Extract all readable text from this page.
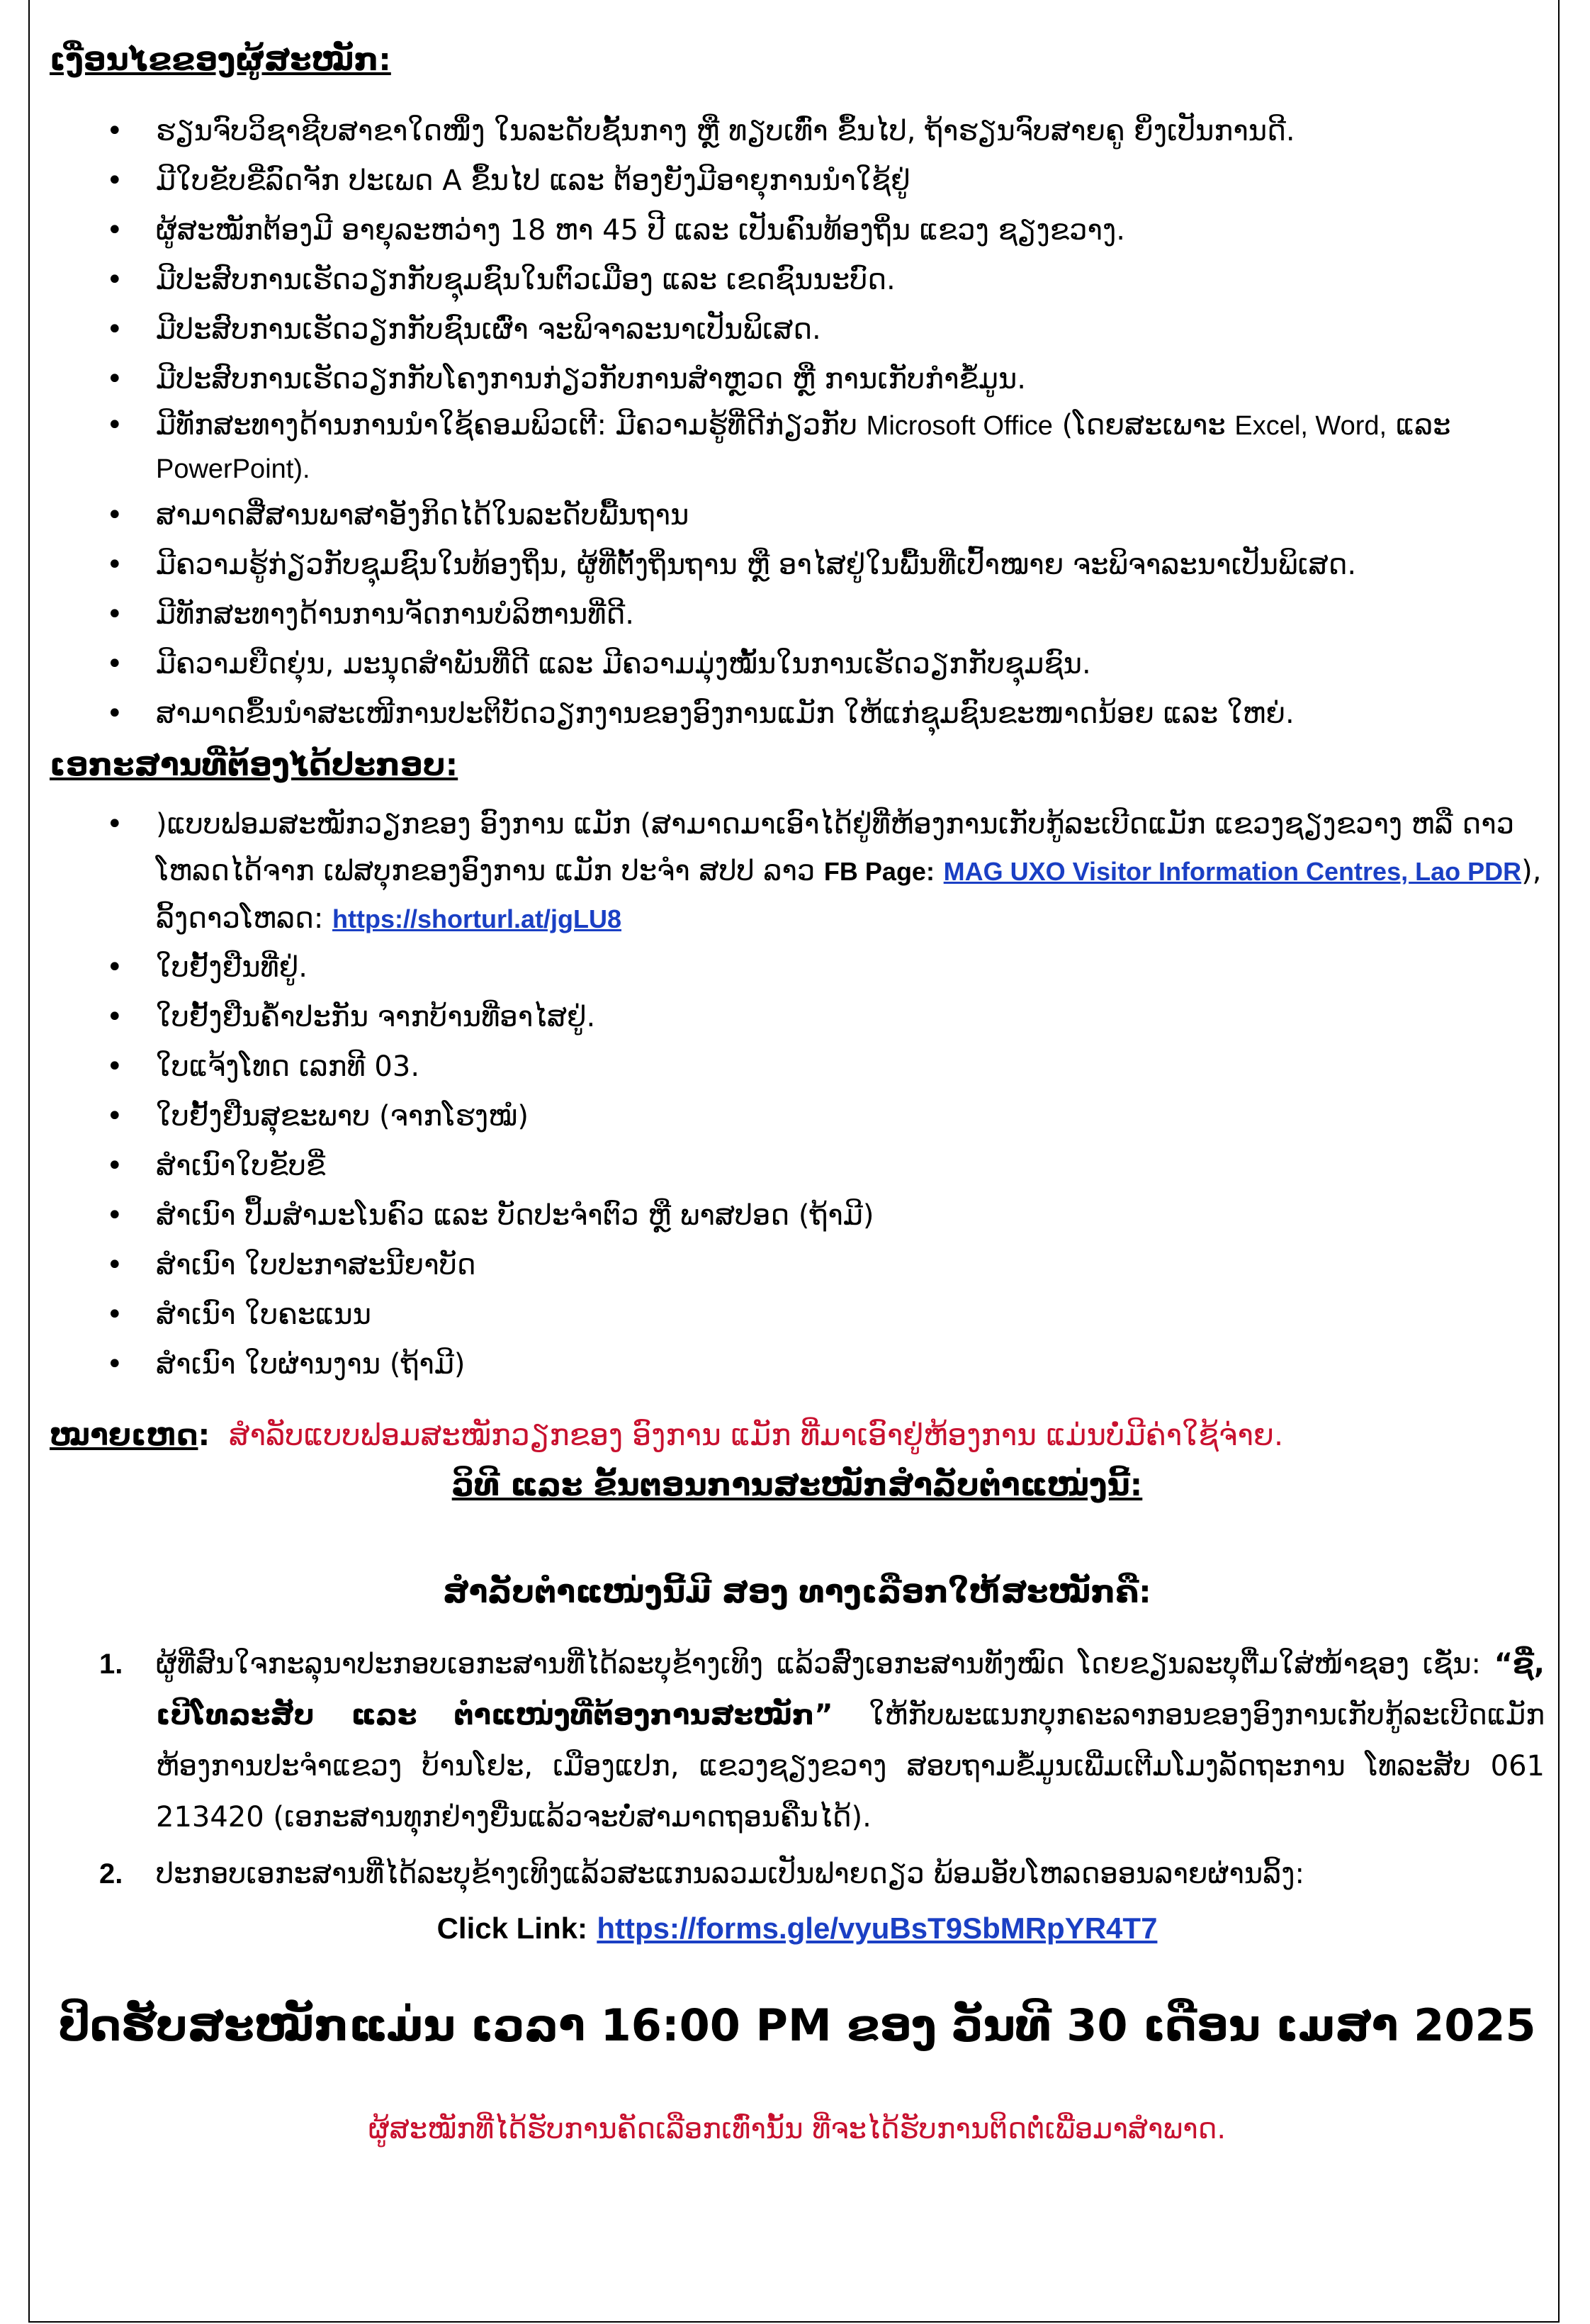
ເງື່ອນໄຂຂອງຜູ້ສະໝັກ:
• ຮຽນຈົບວິຊາຊີບສາຂາໃດໜຶ່ງ ໃນລະດັບຊັ້ນກາງ ຫຼື ທຽບເທົ່າ ຂຶ້ນໄປ, ຖ້າຮຽນຈົບສາຍຄູ ຍິ່ງເປັນການດີ.
• ມີໃບຂັບຂີ່ລົດຈັກ ປະເພດ A ຂຶ້ນໄປ ແລະ ຕ້ອງຍັງມີອາຍຸການນຳໃຊ້ຢູ່
• ຜູ້ສະໝັກຕ້ອງມີ ອາຍຸລະຫວ່າງ 18 ຫາ 45 ປີ ແລະ ເປັນຄົນທ້ອງຖິ່ນ ແຂວງ ຊຽງຂວາງ.
• ມີປະສົບການເຮັດວຽກກັບຊຸມຊົນໃນຕົວເມືອງ ແລະ ເຂດຊົນນະບົດ.
• ມີປະສົບການເຮັດວຽກກັບຊົນເຜົ່າ ຈະພິຈາລະນາເປັນພິເສດ.
• ມີປະສົບການເຮັດວຽກກັບໂຄງການກ່ຽວກັບການສຳຫຼວດ ຫຼື ການເກັບກຳຂໍ້ມູນ.
• ມີທັກສະທາງດ້ານການນຳໃຊ້ຄອມພິວເຕີ: ມີຄວາມຮູ້ທີ່ດີກ່ຽວກັບ Microsoft Office (ໂດຍສະເພາະ Excel, Word, ແລະ PowerPoint).
• ສາມາດສື່ສານພາສາອັງກິດໄດ້ໃນລະດັບພື້ນຖານ
• ມີຄວາມຮູ້ກ່ຽວກັບຊຸມຊົນໃນທ້ອງຖິ່ນ, ຜູ້ທີ່ຕັ້ງຖິ່ນຖານ ຫຼື ອາໄສຢູ່ໃນພື້ນທີ່ເປົ້າໝາຍ ຈະພິຈາລະນາເປັນພິເສດ.
• ມີທັກສະທາງດ້ານການຈັດການບໍລິຫານທີ່ດີ.
• ມີຄວາມຍືດຍຸ່ນ, ມະນຸດສຳພັນທີ່ດີ ແລະ ມີຄວາມມຸ່ງໝັ້ນໃນການເຮັດວຽກກັບຊຸມຊົນ.
• ສາມາດຂຶ້ນນຳສະເໜີການປະຕິບັດວຽກງານຂອງອົງການແມັກ ໃຫ້ແກ່ຊຸມຊົນຂະໜາດນ້ອຍ ແລະ ໃຫຍ່.
ເອກະສານທີ່ຕ້ອງໄດ້ປະກອບ:
• )ແບບຟອມສະໝັກວຽກຂອງ ອົງການ ແມັກ (ສາມາດມາເອົາໄດ້ຢູ່ທີ່ຫ້ອງການເກັບກູ້ລະເບີດແມັກ ແຂວງຊຽງຂວາງ ຫລື ດາວໂຫລດໄດ້ຈາກ ເຟສບຸກຂອງອົງການ ແມັກ ປະຈຳ ສປປ ລາວ FB Page: MAG UXO Visitor Information Centres, Lao PDR), ລິ້ງດາວໂຫລດ: https://shorturl.at/jgLU8
• ໃບຢັ້ງຢືນທີ່ຢູ່.
• ໃບຢັ້ງຢືນຄ້ຳປະກັນ ຈາກບ້ານທີ່ອາໄສຢູ່.
• ໃບແຈ້ງໂທດ ເລກທີ 03.
• ໃບຢັ້ງຢືນສຸຂະພາບ (ຈາກໂຮງໝໍ)
• ສຳເນົາໃບຂັບຂີ່
• ສຳເນົາ ປຶ້ມສຳມະໂນຄົວ ແລະ ບັດປະຈຳຕົວ ຫຼື ພາສປອດ (ຖ້າມີ)
• ສຳເນົາ ໃບປະກາສະນີຍາບັດ
• ສຳເນົາ ໃບຄະແນນ
• ສຳເນົາ ໃບຜ່ານງານ (ຖ້າມີ)
ໝາຍເຫດ: ສຳລັບແບບຟອມສະໝັກວຽກຂອງ ອົງການ ແມັກ ທີ່ມາເອົາຢູ່ຫ້ອງການ ແມ່ນບໍ່ມີຄ່າໃຊ້ຈ່າຍ.
ວິທີ ແລະ ຂັ້ນຕອນການສະໝັກສຳລັບຕຳແໜ່ງນີ້:
ສຳລັບຕຳແໜ່ງນີ້ມີ ສອງ ທາງເລືອກໃຫ້ສະໝັກຄື:
1. ຜູ້ທີ່ສົນໃຈກະລຸນາປະກອບເອກະສານທີ່ໄດ້ລະບຸຂ້າງເທິງ ແລ້ວສົ່ງເອກະສານທັງໝົດ ໂດຍຂຽນລະບຸຕື່ມໃສ່ໜ້າຊອງ ເຊັ່ນ: “ຊື່, ເບີໂທລະສັບ ແລະ ຕຳແໜ່ງທີ່ຕ້ອງການສະໝັກ” ໃຫ້ກັບພະແນກບຸກຄະລາກອນຂອງອົງການເກັບກູ້ລະເບີດແມັກ ຫ້ອງການປະຈຳແຂວງ ບ້ານໂຢະ, ເມືອງແປກ, ແຂວງຊຽງຂວາງ ສອບຖາມຂໍ້ມູນເພີ່ມເຕີມໂມງລັດຖະການ ໂທລະສັບ 061 213420 (ເອກະສານທຸກຢ່າງຍື່ນແລ້ວຈະບໍ່ສາມາດຖອນຄືນໄດ້).
2. ປະກອບເອກະສານທີ່ໄດ້ລະບຸຂ້າງເທິງແລ້ວສະແກນລວມເປັນຟາຍດຽວ ພ້ອມອັບໂຫລດອອນລາຍຜ່ານລິ້ງ:
Click Link: https://forms.gle/vyuBsT9SbMRpYR4T7
ປິດຮັບສະໝັກແມ່ນ ເວລາ 16:00 PM ຂອງ ວັນທີ 30 ເດືອນ ເມສາ 2025
ຜູ້ສະໝັກທີ່ໄດ້ຮັບການຄັດເລືອກເທົ່ານັ້ນ ທີ່ຈະໄດ້ຮັບການຕິດຕໍ່ເພື່ອມາສຳພາດ.
